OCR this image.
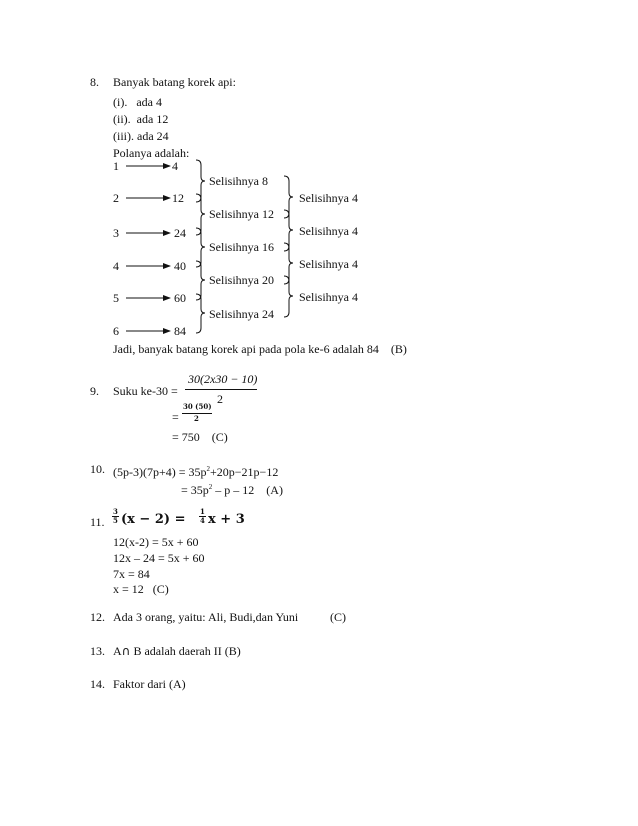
8. Banyak batang korek api:
(i).   ada 4
(ii).  ada 12
(iii). ada 24
Polanya adalah:
1	4
2	12
3	24
4	40
5	60
6	84
Selisihnya 8
Selisihnya 12
Selisihnya 16
Selisihnya 20
Selisihnya 24
Selisihnya 4
Selisihnya 4
Selisihnya 4
Selisihnya 4
Jadi, banyak batang korek api pada pola ke-6 adalah 84    (B)
9. Suku ke-30 =
30(2x30 − 10)
2
=
30 (50)
2
= 750    (C)
10. $(5p-3)(7p+4) = 35p^2+20p-21p-12$
= $35p^2$ – p – 12    (A)
11.
3
5 (x − 2) =
1
4 x + 3
12(x-2) = 5x + 60
12x – 24 = 5x + 60
7x = 84
x = 12   (C)
12. Ada 3 orang, yaitu: Ali, Budi,dan Yuni	(C)
13. A∩ B adalah daerah II (B)
14. Faktor dari (A)
